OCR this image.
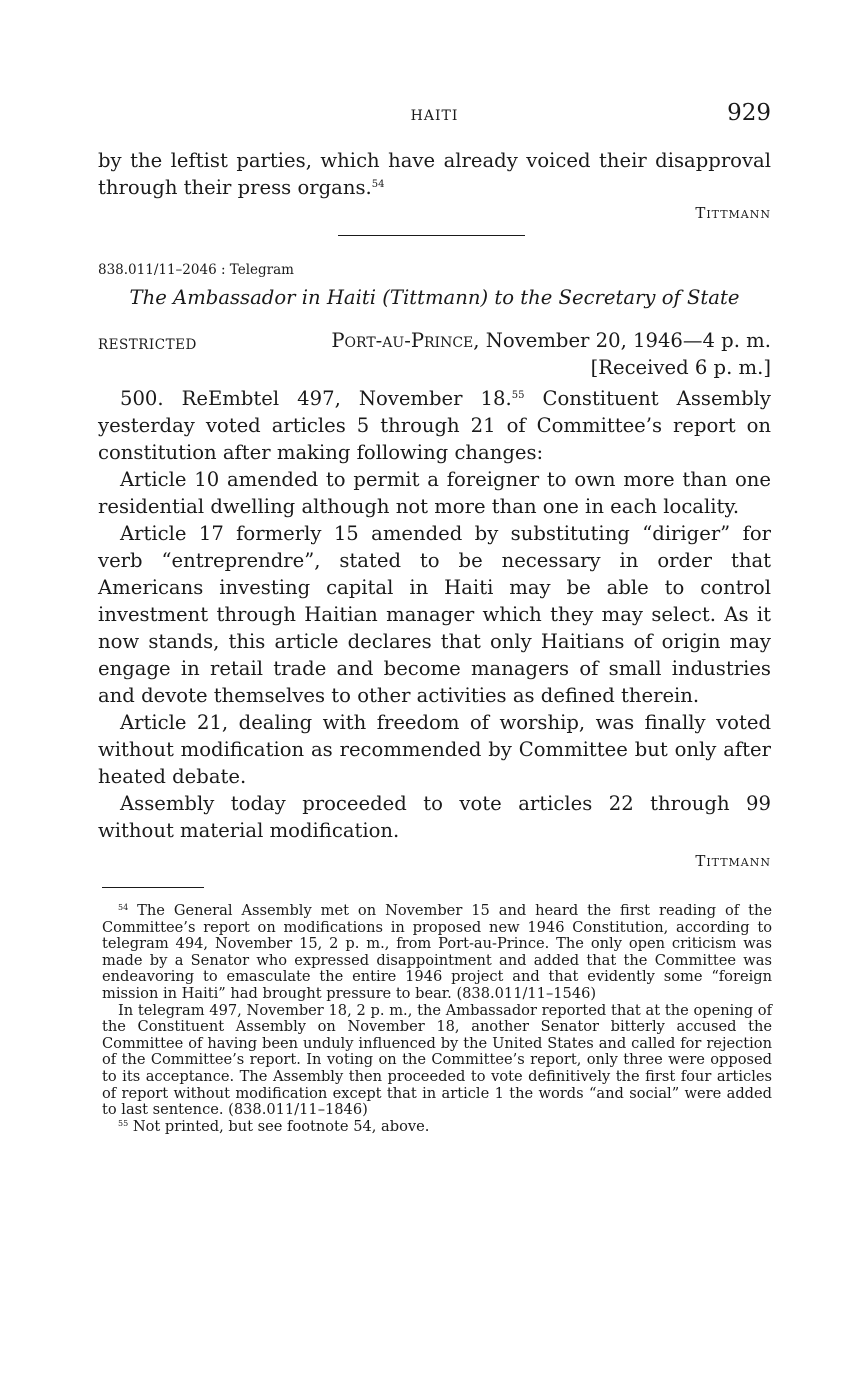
HAITI	929
by the leftist parties, which have already voiced their disapproval through their press organs.$^{54}$
Tittmann
838.011/11–2046 : Telegram
The Ambassador in Haiti (Tittmann) to the Secretary of State
RESTRICTED	Port-au-Prince, November 20, 1946—4 p. m.
[Received 6 p. m.]

500. ReEmbtel 497, November 18.55 Constituent Assembly yesterday voted articles 5 through 21 of Committee’s report on constitution after making following changes:

Article 10 amended to permit a foreigner to own more than one residential dwelling although not more than one in each locality.

Article 17 formerly 15 amended by substituting “diriger” for verb “entreprendre”, stated to be necessary in order that Americans investing capital in Haiti may be able to control investment through Haitian manager which they may select. As it now stands, this article declares that only Haitians of origin may engage in retail trade and become managers of small industries and devote themselves to other activities as defined therein.

Article 21, dealing with freedom of worship, was finally voted without modification as recommended by Committee but only after heated debate.

Assembly today proceeded to vote articles 22 through 99 without material modification.

Tittmann

$^{54}$ The General Assembly met on November 15 and heard the first reading of the Committee’s report on modifications in proposed new 1946 Constitution, according to telegram 494, November 15, 2 p. m., from Port-au-Prince. The only open criticism was made by a Senator who expressed disappointment and added that the Committee was endeavoring to emasculate the entire 1946 project and that evidently some “foreign mission in Haiti” had brought pressure to bear. (838.011/11–1546)

In telegram 497, November 18, 2 p. m., the Ambassador reported that at the opening of the Constituent Assembly on November 18, another Senator bitterly accused the Committee of having been unduly influenced by the United States and called for rejection of the Committee’s report. In voting on the Committee’s report, only three were opposed to its acceptance. The Assembly then proceeded to vote definitively the first four articles of report without modification except that in article 1 the words “and social” were added to last sentence. (838.011/11–1846)

$^{55}$ Not printed, but see footnote 54, above.
